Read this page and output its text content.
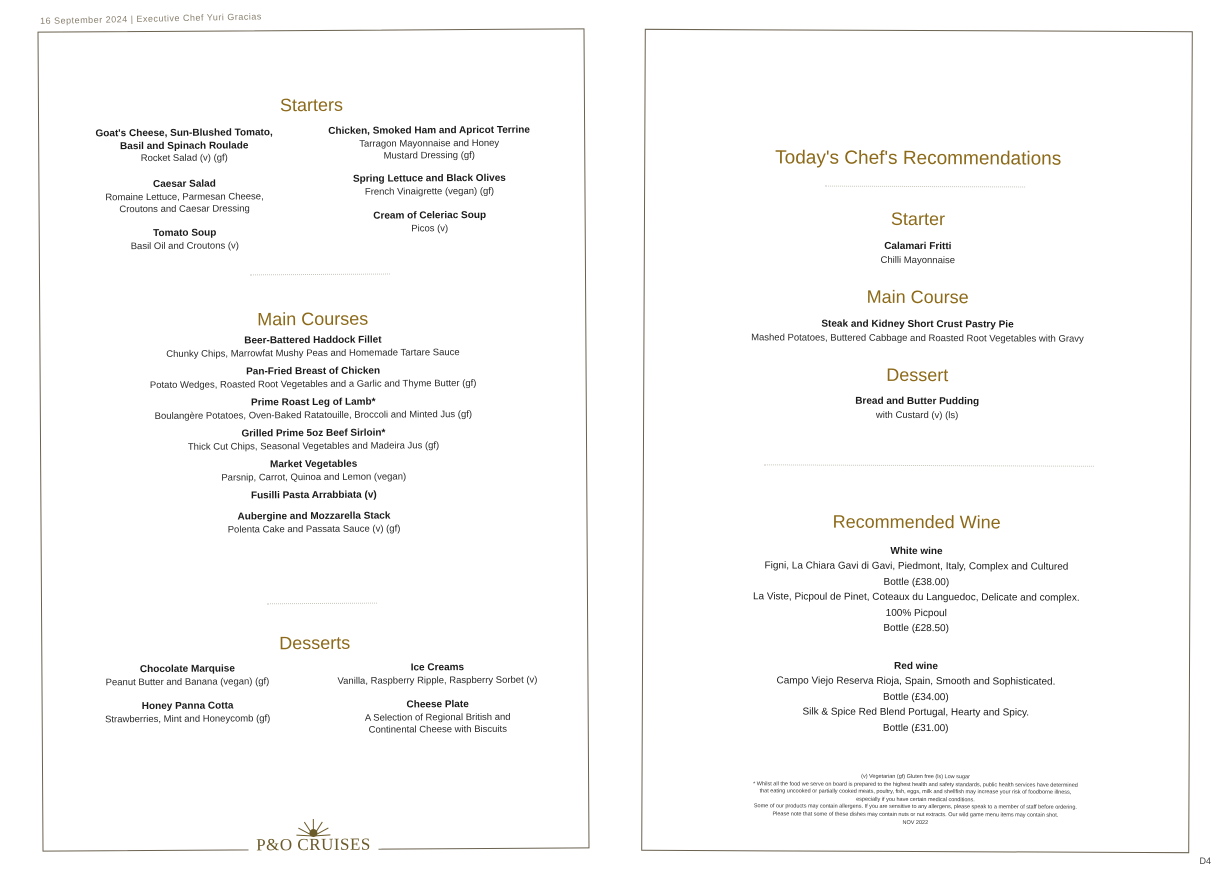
16 September 2024 | Executive Chef Yuri Gracias
Starters
Goat's Cheese, Sun-Blushed Tomato, Basil and Spinach Roulade
Rocket Salad (v) (gf)
Caesar Salad
Romaine Lettuce, Parmesan Cheese, Croutons and Caesar Dressing
Tomato Soup
Basil Oil and Croutons (v)
Chicken, Smoked Ham and Apricot Terrine
Tarragon Mayonnaise and Honey Mustard Dressing (gf)
Spring Lettuce and Black Olives
French Vinaigrette (vegan) (gf)
Cream of Celeriac Soup
Picos (v)
Main Courses
Beer-Battered Haddock Fillet
Chunky Chips, Marrowfat Mushy Peas and Homemade Tartare Sauce
Pan-Fried Breast of Chicken
Potato Wedges, Roasted Root Vegetables and a Garlic and Thyme Butter (gf)
Prime Roast Leg of Lamb*
Boulangère Potatoes, Oven-Baked Ratatouille, Broccoli and Minted Jus (gf)
Grilled Prime 5oz Beef Sirloin*
Thick Cut Chips, Seasonal Vegetables and Madeira Jus (gf)
Market Vegetables
Parsnip, Carrot, Quinoa and Lemon (vegan)
Fusilli Pasta Arrabbiata (v)
Aubergine and Mozzarella Stack
Polenta Cake and Passata Sauce (v) (gf)
Desserts
Chocolate Marquise
Peanut Butter and Banana (vegan) (gf)
Honey Panna Cotta
Strawberries, Mint and Honeycomb (gf)
Ice Creams
Vanilla, Raspberry Ripple, Raspberry Sorbet (v)
Cheese Plate
A Selection of Regional British and Continental Cheese with Biscuits
P&O CRUISES
Today's Chef's Recommendations
Starter
Calamari Fritti
Chilli Mayonnaise
Main Course
Steak and Kidney Short Crust Pastry Pie
Mashed Potatoes, Buttered Cabbage and Roasted Root Vegetables with Gravy
Dessert
Bread and Butter Pudding
with Custard (v) (ls)
Recommended Wine
White wine
Figni, La Chiara Gavi di Gavi, Piedmont, Italy, Complex and Cultured
Bottle (£38.00)
La Viste, Picpoul de Pinet, Coteaux du Languedoc, Delicate and complex.
100% Picpoul
Bottle (£28.50)
Red wine
Campo Viejo Reserva Rioja, Spain, Smooth and Sophisticated.
Bottle (£34.00)
Silk & Spice Red Blend Portugal, Hearty and Spicy.
Bottle (£31.00)
(v) Vegetarian (gf) Gluten free (ls) Low sugar
* Whilst all the food we serve on board is prepared to the highest health and safety standards, public health services have determined
that eating uncooked or partially cooked meats, poultry, fish, eggs, milk and shellfish may increase your risk of foodborne illness,
especially if you have certain medical conditions.
Some of our products may contain allergens. If you are sensitive to any allergens, please speak to a member of staff before ordering.
Please note that some of these dishes may contain nuts or nut extracts. Our wild game menu items may contain shot.
NOV 2022
D4
